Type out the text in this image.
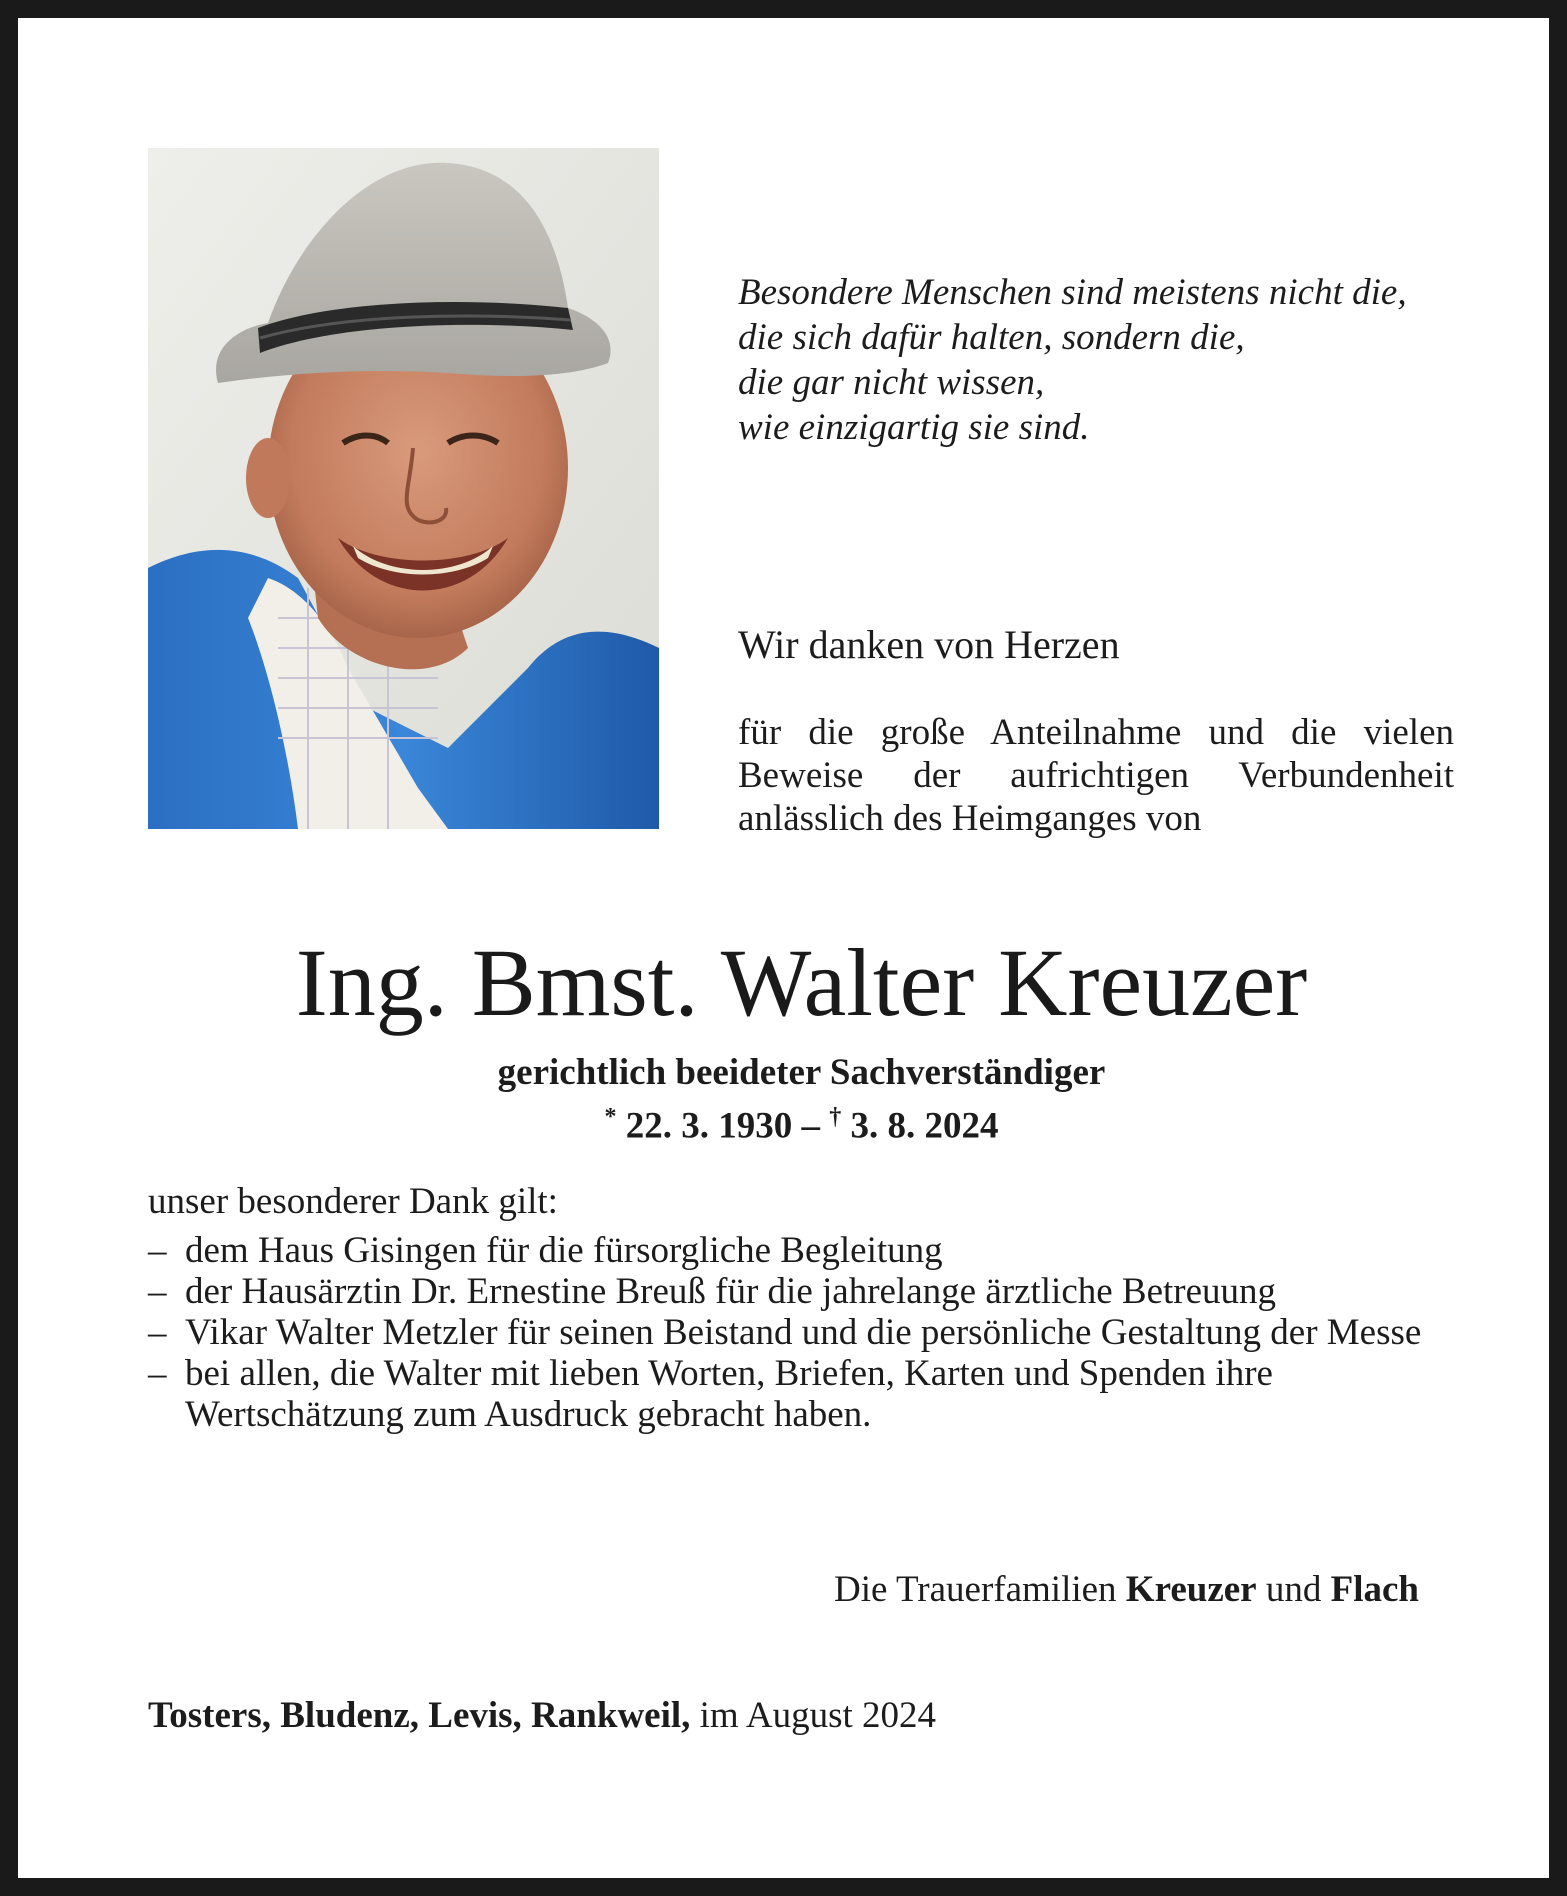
Besondere Menschen sind meistens nicht die,
die sich dafür halten, sondern die,
die gar nicht wissen,
wie einzigartig sie sind.
Wir danken von Herzen
für die große Anteilnahme und die vielen Beweise der aufrichtigen Verbundenheit anlässlich des Heimganges von
Ing. Bmst. Walter Kreuzer
gerichtlich beeideter Sachverständiger
* 22. 3. 1930 – † 3. 8. 2024
unser besonderer Dank gilt:
– dem Haus Gisingen für die fürsorgliche Begleitung
– der Hausärztin Dr. Ernestine Breuß für die jahrelange ärztliche Betreuung
– Vikar Walter Metzler für seinen Beistand und die persönliche Gestaltung der Messe
– bei allen, die Walter mit lieben Worten, Briefen, Karten und Spenden ihre Wertschätzung zum Ausdruck gebracht haben.
Die Trauerfamilien Kreuzer und Flach
Tosters, Bludenz, Levis, Rankweil, im August 2024
